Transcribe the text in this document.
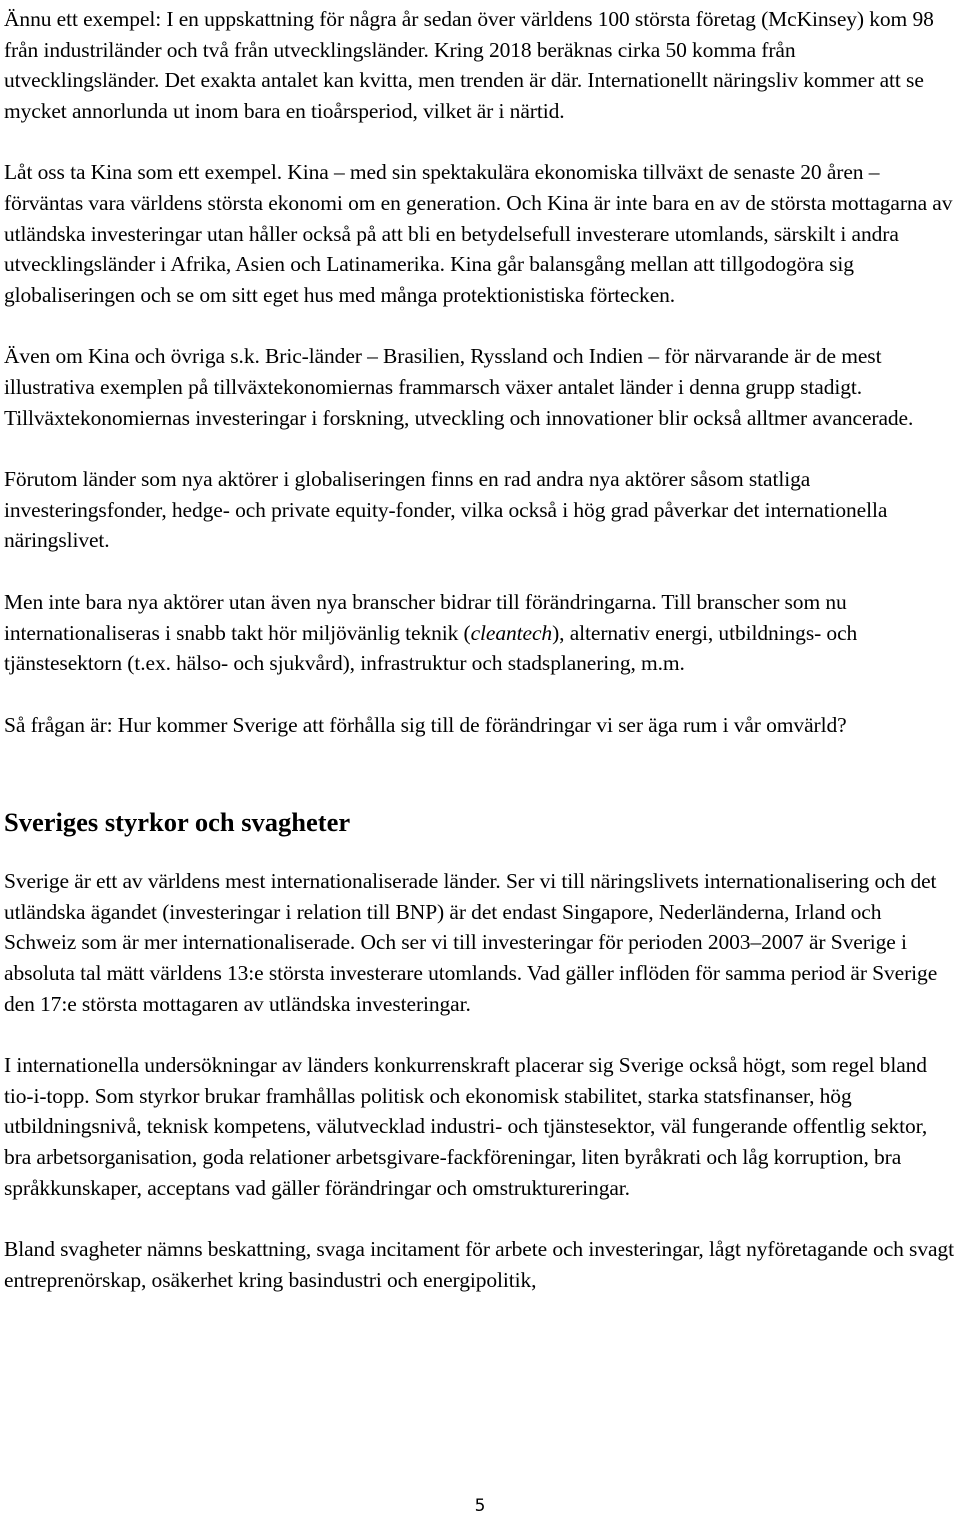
Ännu ett exempel: I en uppskattning för några år sedan över världens 100 största företag (McKinsey) kom 98 från industriländer och två från utvecklingsländer. Kring 2018 beräknas cirka 50 komma från utvecklingsländer. Det exakta antalet kan kvitta, men trenden är där. Internationellt näringsliv kommer att se mycket annorlunda ut inom bara en tioårsperiod, vilket är i närtid.

Låt oss ta Kina som ett exempel. Kina – med sin spektakulära ekonomiska tillväxt de senaste 20 åren – förväntas vara världens största ekonomi om en generation. Och Kina är inte bara en av de största mottagarna av utländska investeringar utan håller också på att bli en betydelsefull investerare utomlands, särskilt i andra utvecklingsländer i Afrika, Asien och Latinamerika. Kina går balansgång mellan att tillgodogöra sig globaliseringen och se om sitt eget hus med många protektionistiska förtecken.

Även om Kina och övriga s.k. Bric-länder – Brasilien, Ryssland och Indien – för närvarande är de mest illustrativa exemplen på tillväxtekonomiernas frammarsch växer antalet länder i denna grupp stadigt. Tillväxtekonomiernas investeringar i forskning, utveckling och innovationer blir också alltmer avancerade.

Förutom länder som nya aktörer i globaliseringen finns en rad andra nya aktörer såsom statliga investeringsfonder, hedge- och private equity-fonder, vilka också i hög grad påverkar det internationella näringslivet.

Men inte bara nya aktörer utan även nya branscher bidrar till förändringarna. Till branscher som nu internationaliseras i snabb takt hör miljövänlig teknik (cleantech), alternativ energi, utbildnings- och tjänstesektorn (t.ex. hälso- och sjukvård), infrastruktur och stadsplanering, m.m.

Så frågan är: Hur kommer Sverige att förhålla sig till de förändringar vi ser äga rum i vår omvärld?

Sveriges styrkor och svagheter

Sverige är ett av världens mest internationaliserade länder. Ser vi till näringslivets internationalisering och det utländska ägandet (investeringar i relation till BNP) är det endast Singapore, Nederländerna, Irland och Schweiz som är mer internationaliserade. Och ser vi till investeringar för perioden 2003–2007 är Sverige i absoluta tal mätt världens 13:e största investerare utomlands. Vad gäller inflöden för samma period är Sverige den 17:e största mottagaren av utländska investeringar.

I internationella undersökningar av länders konkurrenskraft placerar sig Sverige också högt, som regel bland tio-i-topp. Som styrkor brukar framhållas politisk och ekonomisk stabilitet, starka statsfinanser, hög utbildningsnivå, teknisk kompetens, välutvecklad industri- och tjänstesektor, väl fungerande offentlig sektor, bra arbetsorganisation, goda relationer arbetsgivare-fackföreningar, liten byråkrati och låg korruption, bra språkkunskaper, acceptans vad gäller förändringar och omstruktureringar.

Bland svagheter nämns beskattning, svaga incitament för arbete och investeringar, lågt nyföretagande och svagt entreprenörskap, osäkerhet kring basindustri och energipolitik,

5
